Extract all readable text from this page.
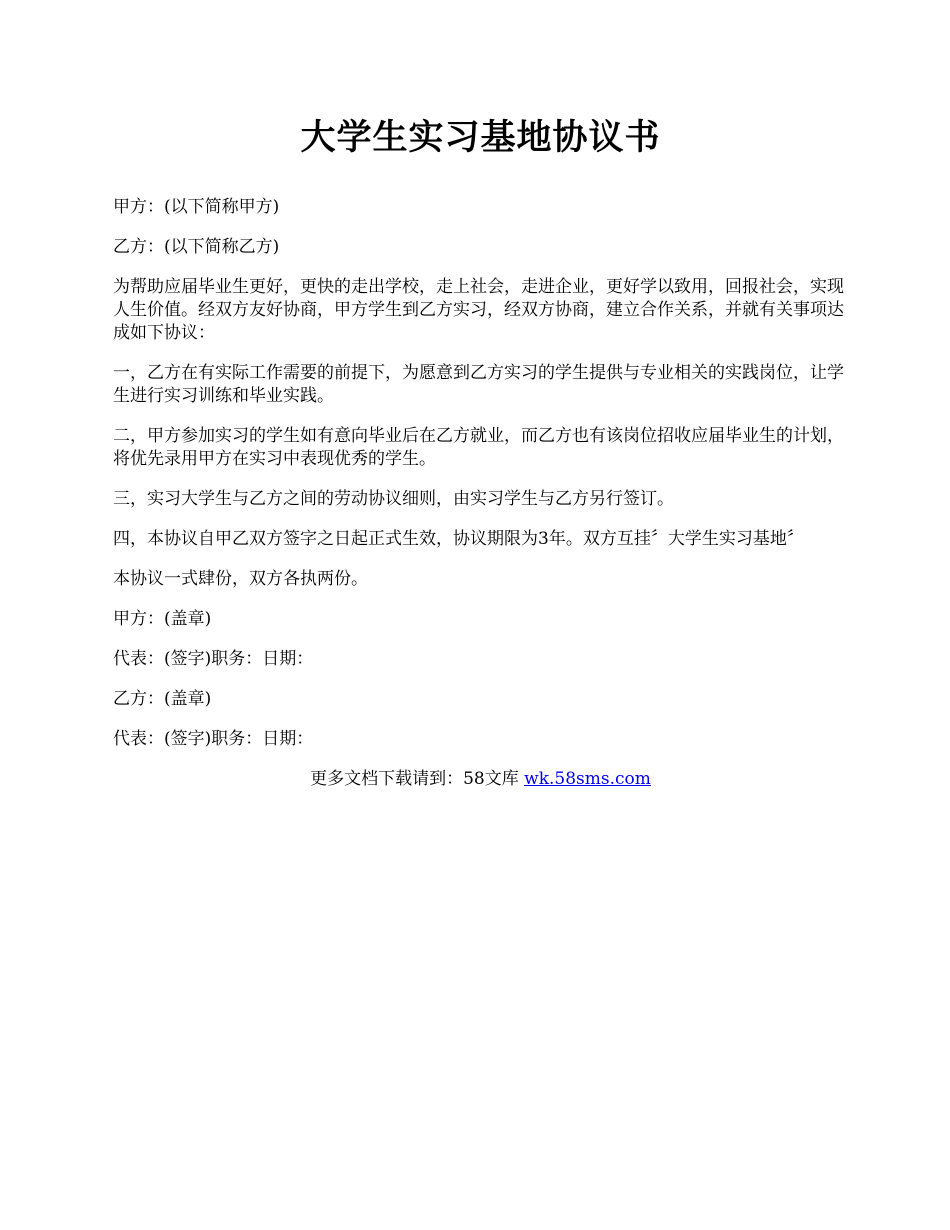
大学生实习基地协议书

甲方：(以下简称甲方)

乙方：(以下简称乙方)

为帮助应届毕业生更好，更快的走出学校，走上社会，走进企业，更好学以致用，回报社会，实现人生价值。经双方友好协商，甲方学生到乙方实习，经双方协商，建立合作关系，并就有关事项达成如下协议：

一，乙方在有实际工作需要的前提下，为愿意到乙方实习的学生提供与专业相关的实践岗位，让学生进行实习训练和毕业实践。

二，甲方参加实习的学生如有意向毕业后在乙方就业，而乙方也有该岗位招收应届毕业生的计划，将优先录用甲方在实习中表现优秀的学生。

三，实习大学生与乙方之间的劳动协议细则，由实习学生与乙方另行签订。

四，本协议自甲乙双方签字之日起正式生效，协议期限为3年。双方互挂〞大学生实习基地〞

本协议一式肆份，双方各执两份。

甲方：(盖章)

代表：(签字)职务：日期：

乙方：(盖章)

代表：(签字)职务：日期：

更多文档下载请到：58文库 wk.58sms.com
